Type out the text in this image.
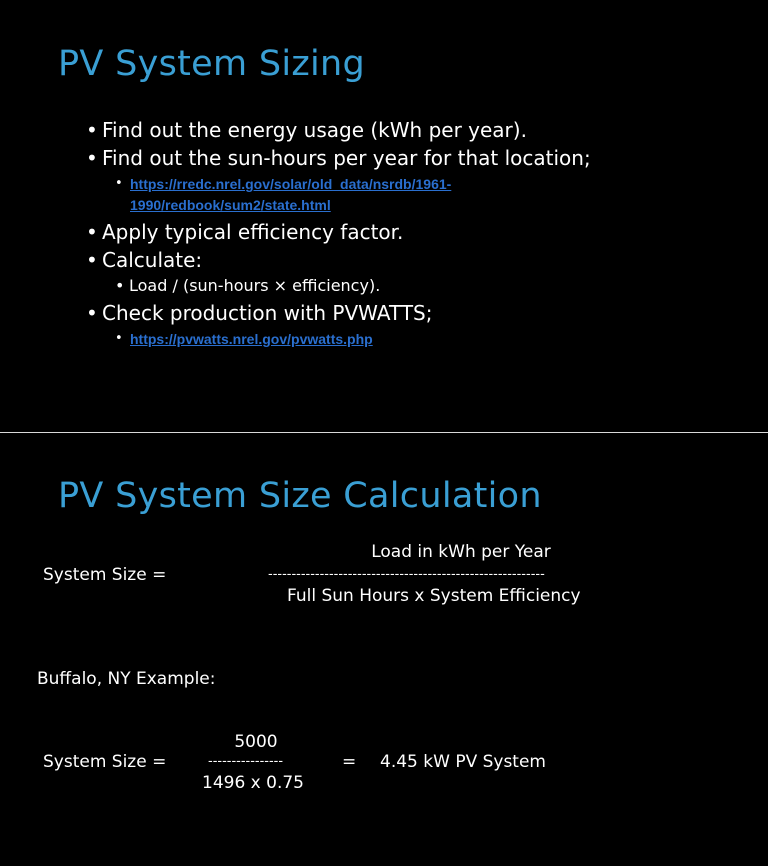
PV System Sizing
• Find out the energy usage (kWh per year).
• Find out the sun-hours per year for that location;
• https://rredc.nrel.gov/solar/old_data/nsrdb/1961-
1990/redbook/sum2/state.html
• Apply typical efficiency factor.
• Calculate:
• Load / (sun-hours × efficiency).
• Check production with PVWATTS;
• https://pvwatts.nrel.gov/pvwatts.php
PV System Size Calculation
System Size =
Load in kWh per Year
-----------------------------------------------------------
Full Sun Hours x System Efficiency
Buffalo, NY Example:
System Size =
5000
----------------
1496 x 0.75
= 4.45 kW PV System
